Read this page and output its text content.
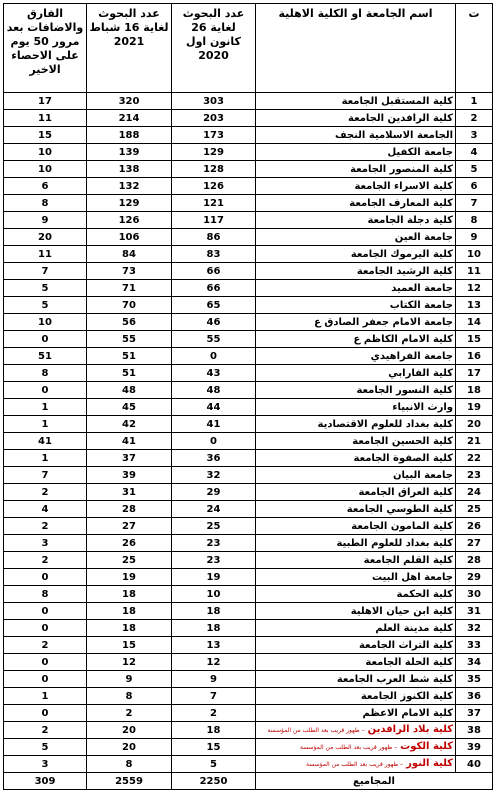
ت	اسم الجامعة او الكلية الاهلية	عدد البحوث لغاية 26 كانون اول 2020	عدد البحوث لغاية 16 شباط 2021	الفارق والاضافات بعد مرور 50 يوم على الاحصاء الاخير
1	كلية المستقبل الجامعة	303	320	17
2	كلية الرافدين الجامعة	203	214	11
3	الجامعة الاسلامية النجف	173	188	15
4	جامعة الكفيل	129	139	10
5	كلية المنصور الجامعة	128	138	10
6	كلية الاسراء الجامعة	126	132	6
7	كلية المعارف الجامعة	121	129	8
8	كلية دجلة الجامعة	117	126	9
9	جامعة العين	86	106	20
10	كلية اليرموك الجامعة	83	84	11
11	كلية الرشيد الجامعة	66	73	7
12	جامعة العميد	66	71	5
13	جامعة الكتاب	65	70	5
14	جامعة الامام جعفر الصادق ع	46	56	10
15	كلية الامام الكاظم ع	55	55	0
16	جامعة الفراهيدي	0	51	51
17	كلية الفارابي	43	51	8
18	كلية النسور الجامعة	48	48	0
19	وارث الانبياء	44	45	1
20	كلية بغداد للعلوم الاقتصادية	41	42	1
21	كلية الحسين الجامعة	0	41	41
22	كلية الصفوة الجامعة	36	37	1
23	جامعة البيان	32	39	7
24	كلية العراق الجامعة	29	31	2
25	كلية الطوسي الجامعة	24	28	4
26	كلية المامون الجامعة	25	27	2
27	كلية بغداد للعلوم الطبية	23	26	3
28	كلية القلم الجامعة	23	25	2
29	جامعة اهل البيت	19	19	0
30	كلية الحكمة	10	18	8
31	كلية ابن حيان الاهلية	18	18	0
32	كلية مدينة العلم	18	18	0
33	كلية التراث الجامعة	13	15	2
34	كلية الحلة الجامعة	12	12	0
35	كلية شط العرب الجامعة	9	9	0
36	كلية الكنوز الجامعة	7	8	1
37	كلية الامام الاعظم	2	2	0
38	كلية بلاد الرافدين– ظهور قريب بعد الطلب من المؤسسة	18	20	2
39	كلية الكوت– ظهور قريب بعد الطلب من المؤسسة	15	20	5
40	كلية النور– ظهور قريب بعد الطلب من المؤسسة	5	8	3
المجاميع		2250	2559	309
